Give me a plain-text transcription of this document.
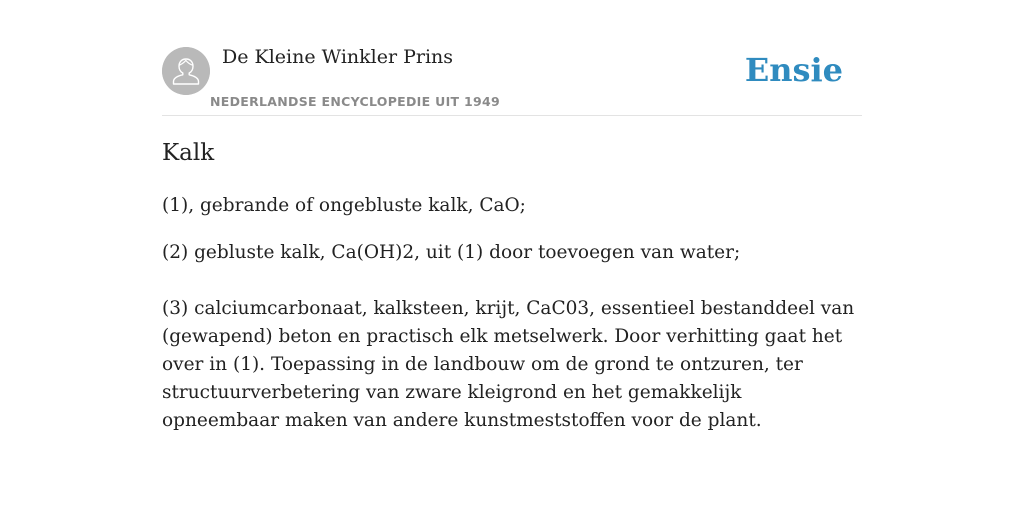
De Kleine Winkler Prins
NEDERLANDSE ENCYCLOPEDIE UIT 1949
Ensie
Kalk

(1), gebrande of ongebluste kalk, CaO;

(2) gebluste kalk, Ca(OH)2, uit (1) door toevoegen van water;

(3) calciumcarbonaat, kalksteen, krijt, CaC03, essentieel bestanddeel van (gewapend) beton en practisch elk metselwerk. Door verhitting gaat het over in (1). Toepassing in de landbouw om de grond te ontzuren, ter structuurverbetering van zware kleigrond en het gemakkelijk opneembaar maken van andere kunstmeststoffen voor de plant.
